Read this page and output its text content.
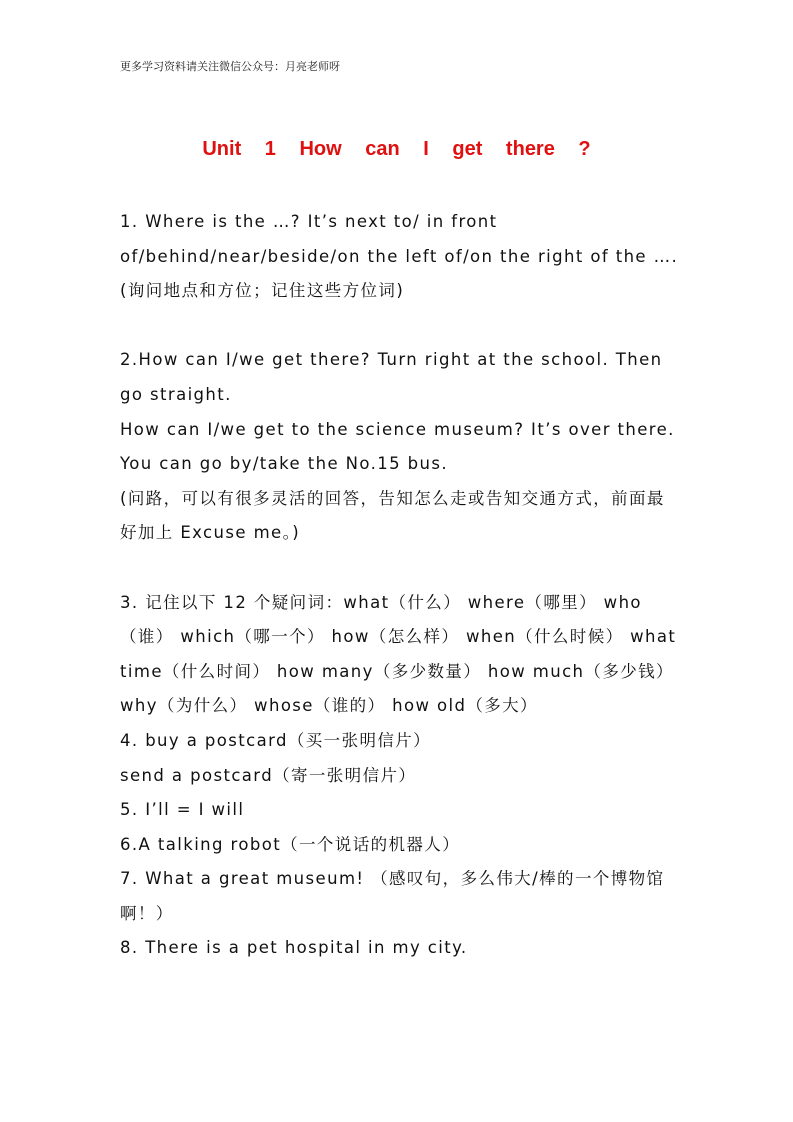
更多学习资料请关注微信公众号：月亮老师呀
Unit 1 How can I get there ?

1. Where is the …? It’s next to/ in front of/behind/near/beside/on the left of/on the right of the …. (询问地点和方位；记住这些方位词)

2.How can I/we get there? Turn right at the school. Then go straight.

How can I/we get to the science museum? It’s over there. You can go by/take the No.15 bus.

(问路，可以有很多灵活的回答，告知怎么走或告知交通方式，前面最好加上 Excuse me。)

3. 记住以下 12 个疑问词：what（什么） where（哪里） who（谁） which（哪一个） how（怎么样） when（什么时候） what time（什么时间） how many（多少数量） how much（多少钱） why（为什么） whose（谁的） how old（多大）

4. buy a postcard（买一张明信片）

send a postcard（寄一张明信片）

5. I’ll = I will

6.A talking robot（一个说话的机器人）

7. What a great museum! （感叹句，多么伟大/棒的一个博物馆啊！）

8. There is a pet hospital in my city.
